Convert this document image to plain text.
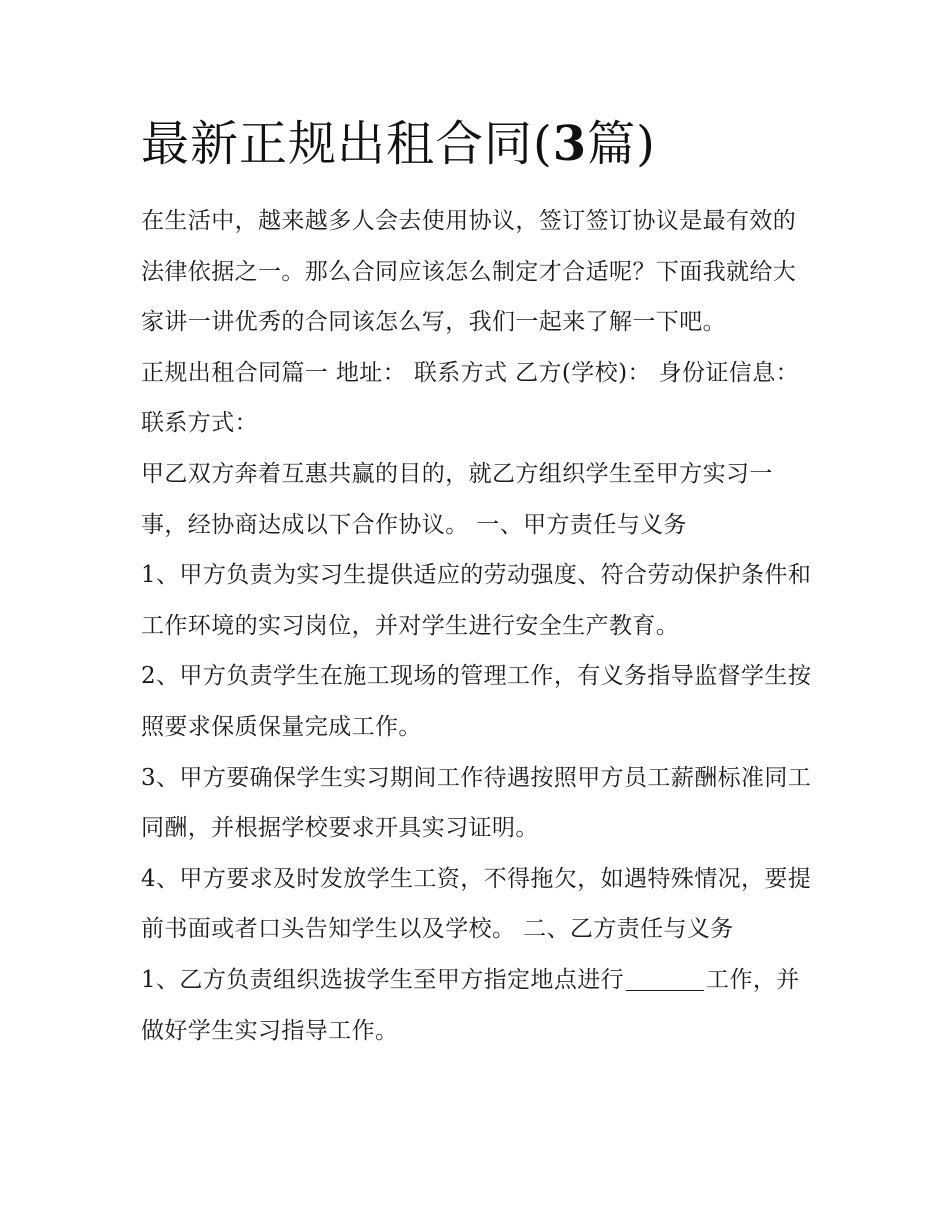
最新正规出租合同(3篇)

在生活中，越来越多人会去使用协议，签订签订协议是最有效的法律依据之一。那么合同应该怎么制定才合适呢？下面我就给大家讲一讲优秀的合同该怎么写，我们一起来了解一下吧。

正规出租合同篇一 地址： 联系方式 乙方(学校)： 身份证信息： 联系方式：

甲乙双方奔着互惠共赢的目的，就乙方组织学生至甲方实习一事，经协商达成以下合作协议。 一、甲方责任与义务

1、甲方负责为实习生提供适应的劳动强度、符合劳动保护条件和工作环境的实习岗位，并对学生进行安全生产教育。

2、甲方负责学生在施工现场的管理工作，有义务指导监督学生按照要求保质保量完成工作。

3、甲方要确保学生实习期间工作待遇按照甲方员工薪酬标准同工同酬，并根据学校要求开具实习证明。

4、甲方要求及时发放学生工资，不得拖欠，如遇特殊情况，要提前书面或者口头告知学生以及学校。 二、乙方责任与义务

1、乙方负责组织选拔学生至甲方指定地点进行	工作，并做好学生实习指导工作。
